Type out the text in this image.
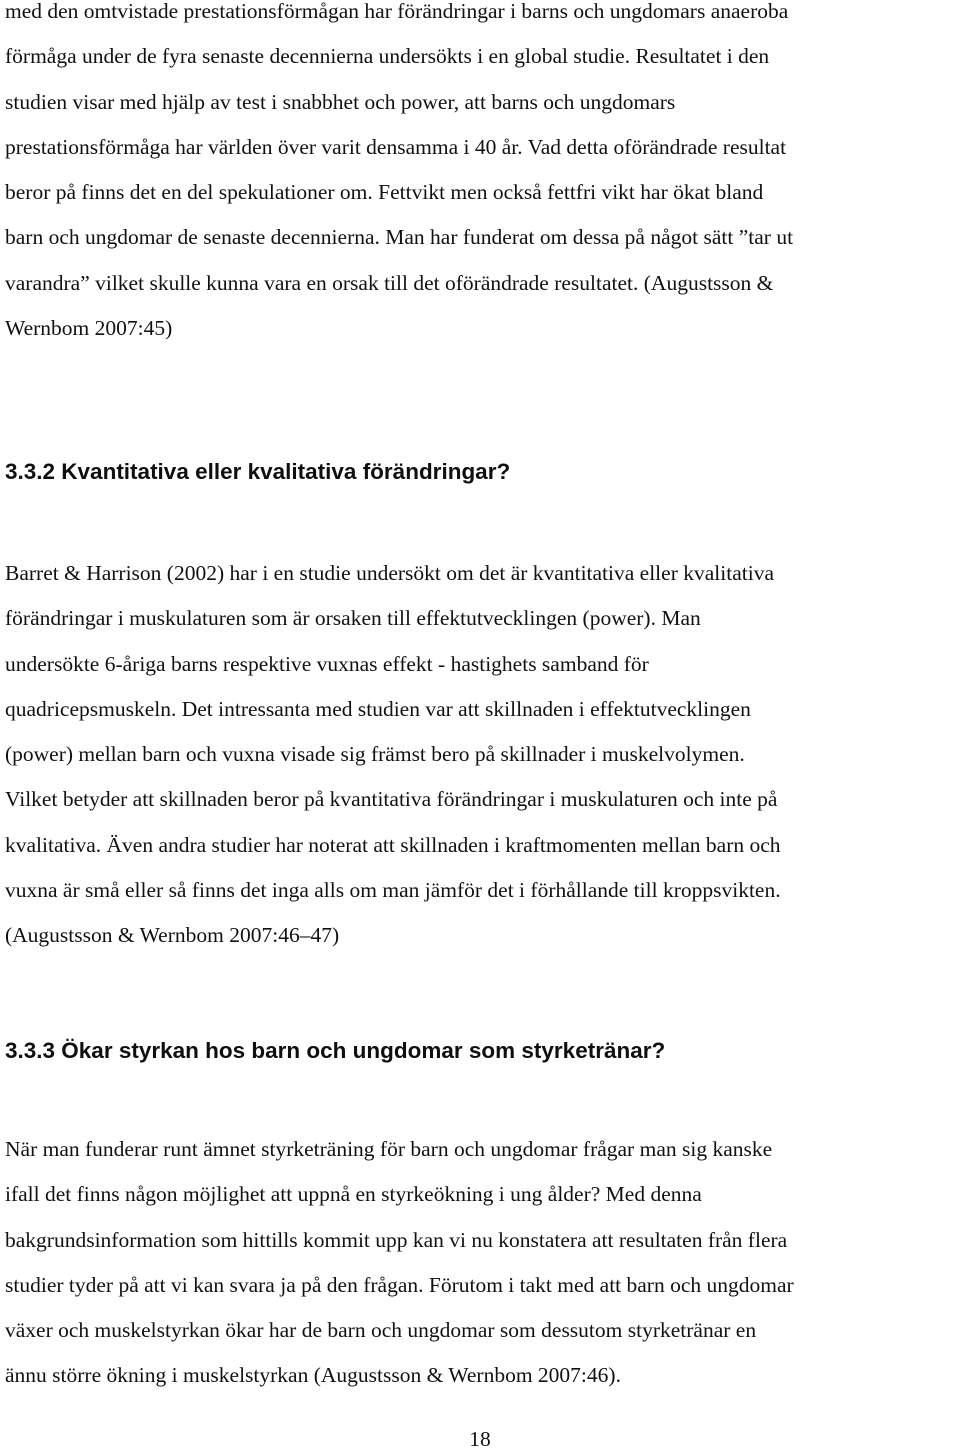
med den omtvistade prestationsförmågan har förändringar i barns och ungdomars anaeroba
förmåga under de fyra senaste decennierna undersökts i en global studie. Resultatet i den
studien visar med hjälp av test i snabbhet och power, att barns och ungdomars
prestationsförmåga har världen över varit densamma i 40 år. Vad detta oförändrade resultat
beror på finns det en del spekulationer om. Fettvikt men också fettfri vikt har ökat bland
barn och ungdomar de senaste decennierna. Man har funderat om dessa på något sätt ”tar ut
varandra” vilket skulle kunna vara en orsak till det oförändrade resultatet. (Augustsson &
Wernbom 2007:45)
3.3.2 Kvantitativa eller kvalitativa förändringar?
Barret & Harrison (2002) har i en studie undersökt om det är kvantitativa eller kvalitativa
förändringar i muskulaturen som är orsaken till effektutvecklingen (power). Man
undersökte 6-åriga barns respektive vuxnas effekt - hastighets samband för
quadricepsmuskeln. Det intressanta med studien var att skillnaden i effektutvecklingen
(power) mellan barn och vuxna visade sig främst bero på skillnader i muskelvolymen.
Vilket betyder att skillnaden beror på kvantitativa förändringar i muskulaturen och inte på
kvalitativa. Även andra studier har noterat att skillnaden i kraftmomenten mellan barn och
vuxna är små eller så finns det inga alls om man jämför det i förhållande till kroppsvikten.
(Augustsson & Wernbom 2007:46–47)
3.3.3 Ökar styrkan hos barn och ungdomar som styrketränar?
När man funderar runt ämnet styrketräning för barn och ungdomar frågar man sig kanske
ifall det finns någon möjlighet att uppnå en styrkeökning i ung ålder? Med denna
bakgrundsinformation som hittills kommit upp kan vi nu konstatera att resultaten från flera
studier tyder på att vi kan svara ja på den frågan. Förutom i takt med att barn och ungdomar
växer och muskelstyrkan ökar har de barn och ungdomar som dessutom styrketränar en
ännu större ökning i muskelstyrkan (Augustsson & Wernbom 2007:46).
18
